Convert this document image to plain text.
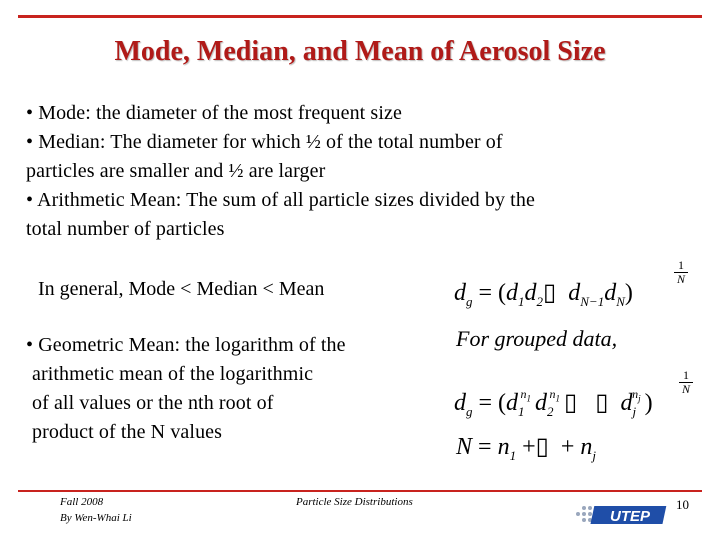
Mode, Median, and Mean of Aerosol Size
• Mode: the diameter of the most frequent size
• Median: The diameter for which ½ of the total number of
particles are smaller and ½ are larger
• Arithmetic Mean: The sum of all particle sizes divided by the
total number of particles
In general, Mode < Median < Mean
• Geometric Mean: the logarithm of the
arithmetic mean of the logarithmic
of all values or the nth root of
product of the N values
$d_g$ = ($d_1d_2▯$  $d_{N-1}d_N$)
1
N
For grouped data,
$d_g = (d_1^{n_1}$ $d_2^{n_1}$ ▯ ▯  $d_j^{n_j}$ )
1
N
$N = n_1$ +▯ + $n_j$
Fall 2008
By Wen-Whai Li
Particle Size Distributions
UTEP
10
